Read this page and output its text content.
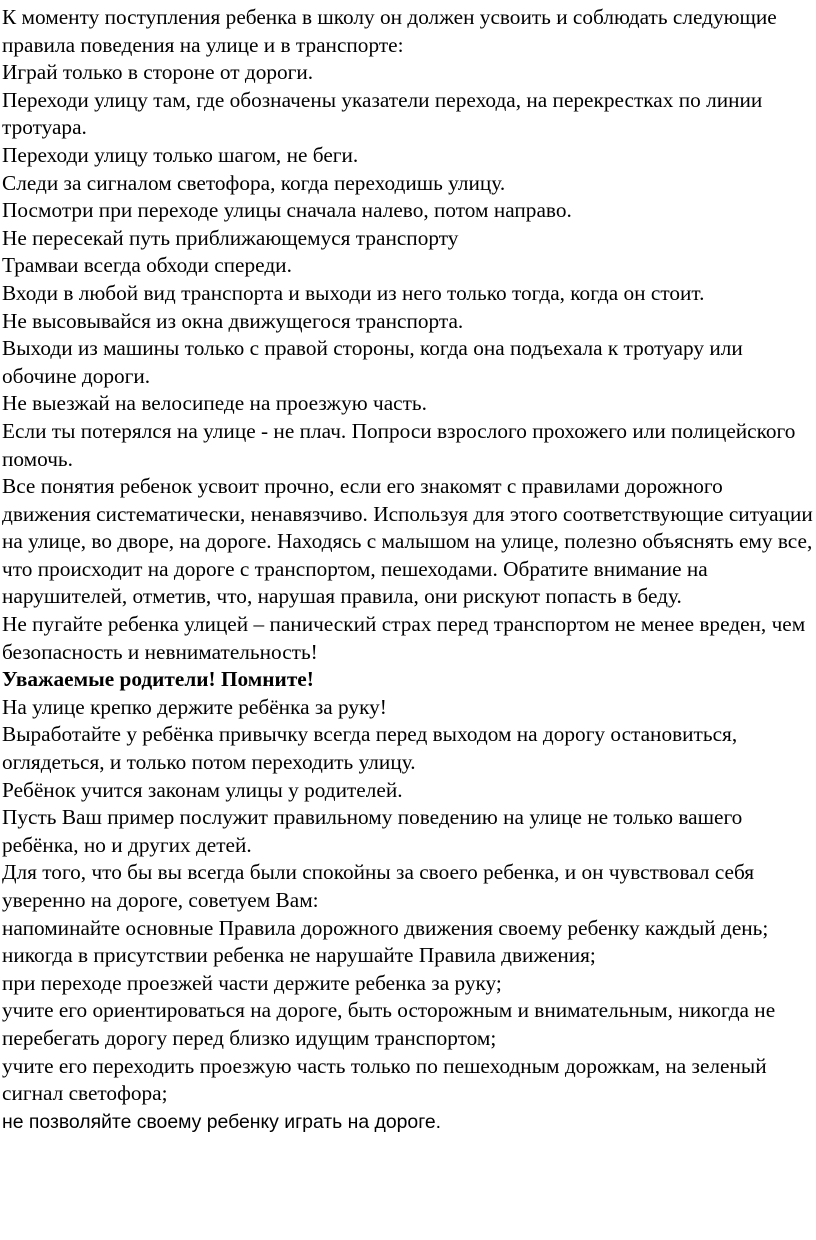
К моменту поступления ребенка в школу он должен усвоить и соблюдать следующие правила поведения на улице и в транспорте:

Играй только в стороне от дороги.

Переходи улицу там, где обозначены указатели перехода, на перекрестках по линии тротуара.

Переходи улицу только шагом, не беги.

Следи за сигналом светофора, когда переходишь улицу.

Посмотри при переходе улицы сначала налево, потом направо.

Не пересекай путь приближающемуся транспорту

Трамваи всегда обходи спереди.

Входи в любой вид транспорта и выходи из него только тогда, когда он стоит.

Не высовывайся из окна движущегося транспорта.

Выходи из машины только с правой стороны, когда она подъехала к тротуару или обочине дороги.

Не выезжай на велосипеде на проезжую часть.

Если ты потерялся на улице - не плач. Попроси взрослого прохожего или полицейского помочь.

Все понятия ребенок усвоит прочно, если его знакомят с правилами дорожного движения систематически, ненавязчиво. Используя для этого соответствующие ситуации на улице, во дворе, на дороге. Находясь с малышом на улице, полезно объяснять ему все, что происходит на дороге с транспортом, пешеходами. Обратите внимание на нарушителей, отметив, что, нарушая правила, они рискуют попасть в беду.

Не пугайте ребенка улицей – панический страх перед транспортом не менее вреден, чем безопасность и невнимательность!

Уважаемые родители! Помните!

На улице крепко держите ребёнка за руку!

Выработайте у ребёнка привычку всегда перед выходом на дорогу остановиться, оглядеться, и только потом переходить улицу.

Ребёнок учится законам улицы у родителей.

Пусть Ваш пример послужит правильному поведению на улице не только вашего ребёнка, но и других детей.

Для того, что бы вы всегда были спокойны за своего ребенка, и он чувствовал себя уверенно на дороге, советуем Вам:

напоминайте основные Правила дорожного движения своему ребенку каждый день;

никогда в присутствии ребенка не нарушайте Правила движения;

при переходе проезжей части держите ребенка за руку;

учите его ориентироваться на дороге, быть осторожным и внимательным, никогда не перебегать дорогу перед близко идущим транспортом;

учите его переходить проезжую часть только по пешеходным дорожкам, на зеленый сигнал светофора;

не позволяйте своему ребенку играть на дороге.
